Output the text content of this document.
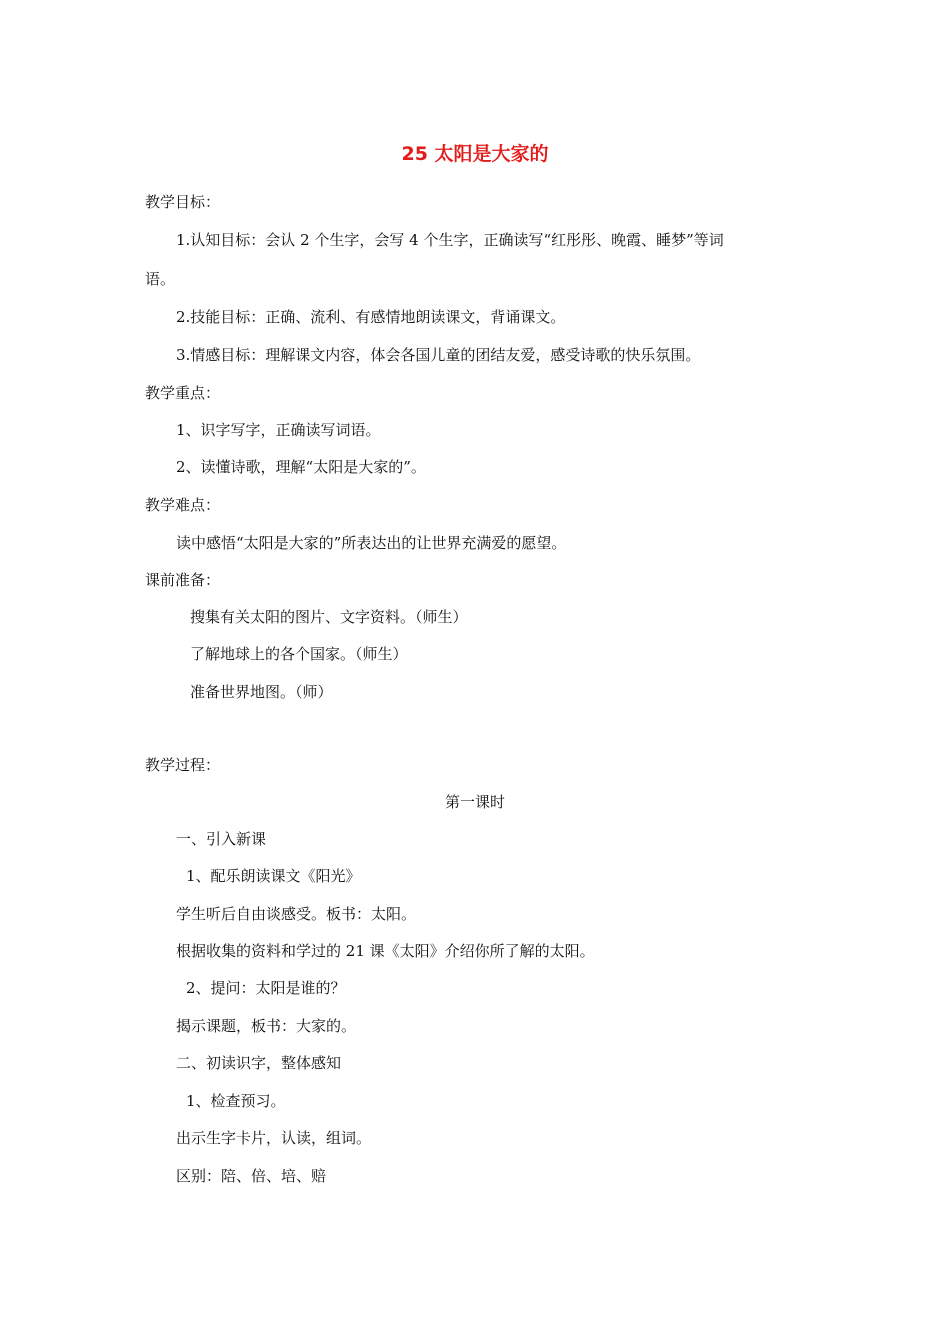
25 太阳是大家的
教学目标：
1.认知目标：会认 2 个生字，会写 4 个生字，正确读写“红彤彤、晚霞、睡梦”等词
语。
2.技能目标：正确、流利、有感情地朗读课文，背诵课文。
3.情感目标：理解课文内容，体会各国儿童的团结友爱，感受诗歌的快乐氛围。
教学重点：
1、识字写字，正确读写词语。
2、读懂诗歌，理解“太阳是大家的”。
教学难点：
读中感悟“太阳是大家的”所表达出的让世界充满爱的愿望。
课前准备：
搜集有关太阳的图片、文字资料。（师生）
了解地球上的各个国家。（师生）
准备世界地图。（师）
教学过程：
第一课时
一、引入新课
1、配乐朗读课文《阳光》
学生听后自由谈感受。板书：太阳。
根据收集的资料和学过的 21 课《太阳》介绍你所了解的太阳。
2、提问：太阳是谁的？
揭示课题，板书：大家的。
二、初读识字，整体感知
1、检查预习。
出示生字卡片，认读，组词。
区别：陪、倍、培、赔
